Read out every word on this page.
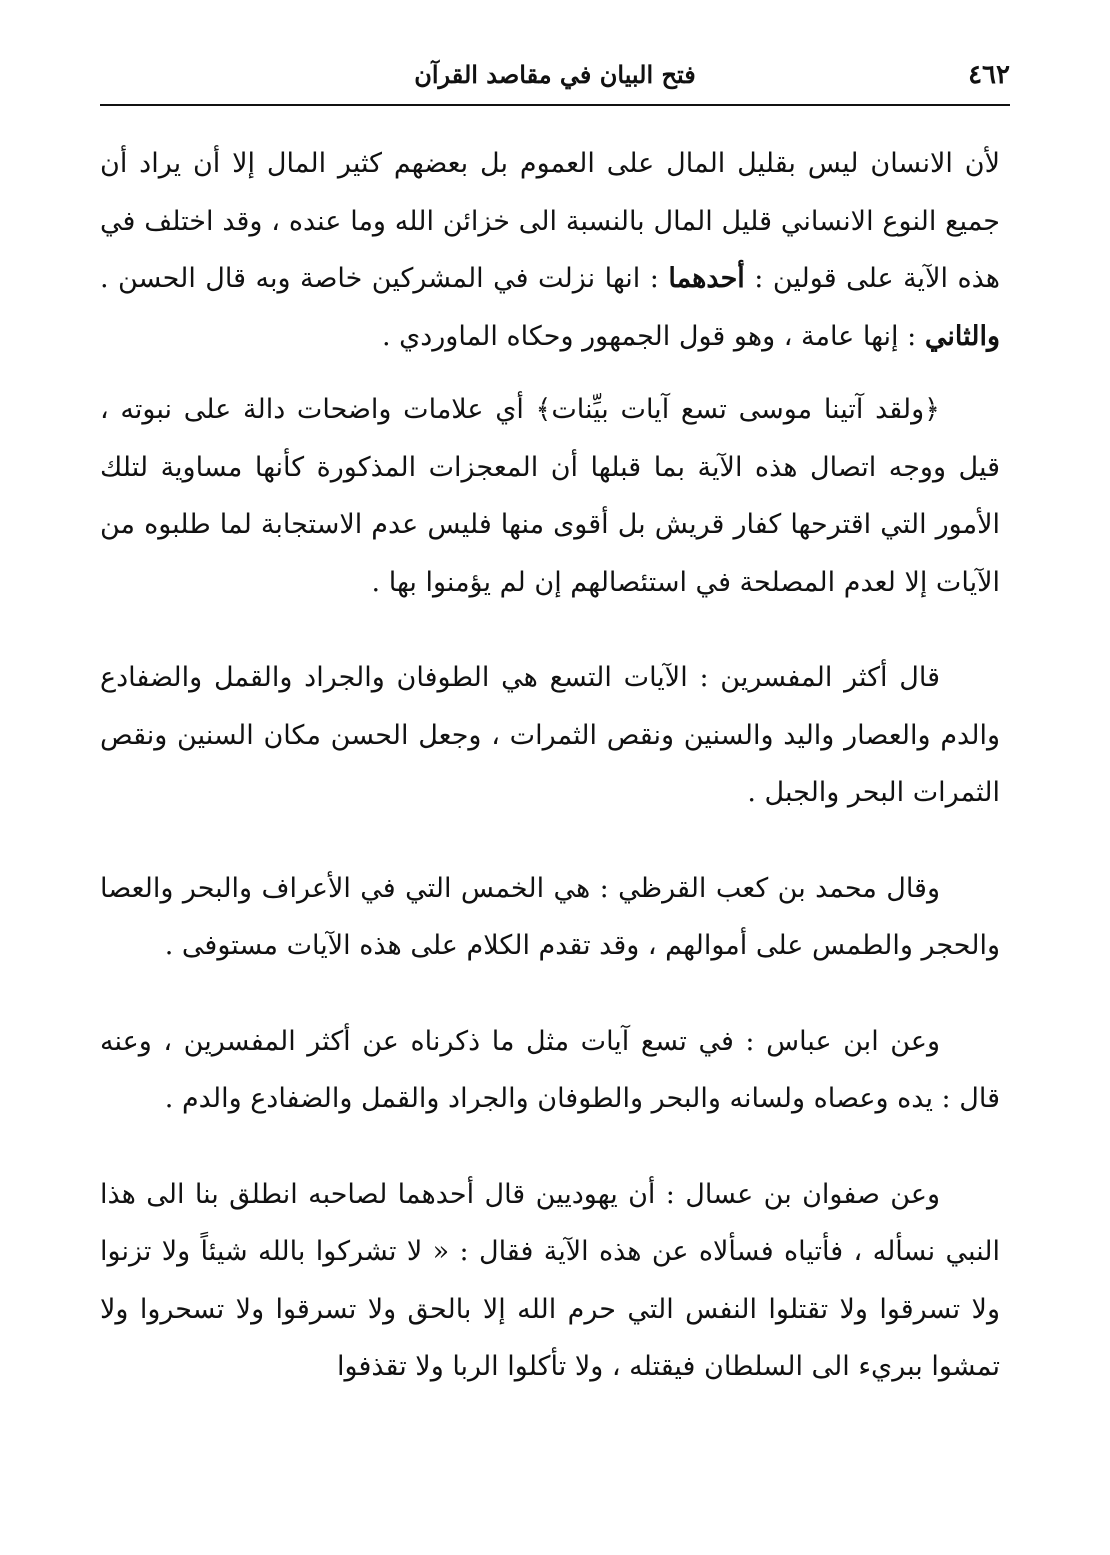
٤٦٢
فتح البيان في مقاصد القرآن

لأن الانسان ليس بقليل المال على العموم بل بعضهم كثير المال إلا أن يراد أن جميع النوع الانساني قليل المال بالنسبة الى خزائن الله وما عنده ، وقد اختلف في هذه الآية على قولين : أحدهما : انها نزلت في المشركين خاصة وبه قال الحسن . والثاني : إنها عامة ، وهو قول الجمهور وحكاه الماوردي .

﴿ولقد آتينا موسى تسع آيات بيِّنات﴾ أي علامات واضحات دالة على نبوته ، قيل ووجه اتصال هذه الآية بما قبلها أن المعجزات المذكورة كأنها مساوية لتلك الأمور التي اقترحها كفار قريش بل أقوى منها فليس عدم الاستجابة لما طلبوه من الآيات إلا لعدم المصلحة في استئصالهم إن لم يؤمنوا بها .

قال أكثر المفسرين : الآيات التسع هي الطوفان والجراد والقمل والضفادع والدم والعصار واليد والسنين ونقص الثمرات ، وجعل الحسن مكان السنين ونقص الثمرات البحر والجبل .

وقال محمد بن كعب القرظي : هي الخمس التي في الأعراف والبحر والعصا والحجر والطمس على أموالهم ، وقد تقدم الكلام على هذه الآيات مستوفى .

وعن ابن عباس : في تسع آيات مثل ما ذكرناه عن أكثر المفسرين ، وعنه قال : يده وعصاه ولسانه والبحر والطوفان والجراد والقمل والضفادع والدم .

وعن صفوان بن عسال : أن يهوديين قال أحدهما لصاحبه انطلق بنا الى هذا النبي نسأله ، فأتياه فسألاه عن هذه الآية فقال : « لا تشركوا بالله شيئاً ولا تزنوا ولا تسرقوا ولا تقتلوا النفس التي حرم الله إلا بالحق ولا تسرقوا ولا تسحروا ولا تمشوا ببريء الى السلطان فيقتله ، ولا تأكلوا الربا ولا تقذفوا
